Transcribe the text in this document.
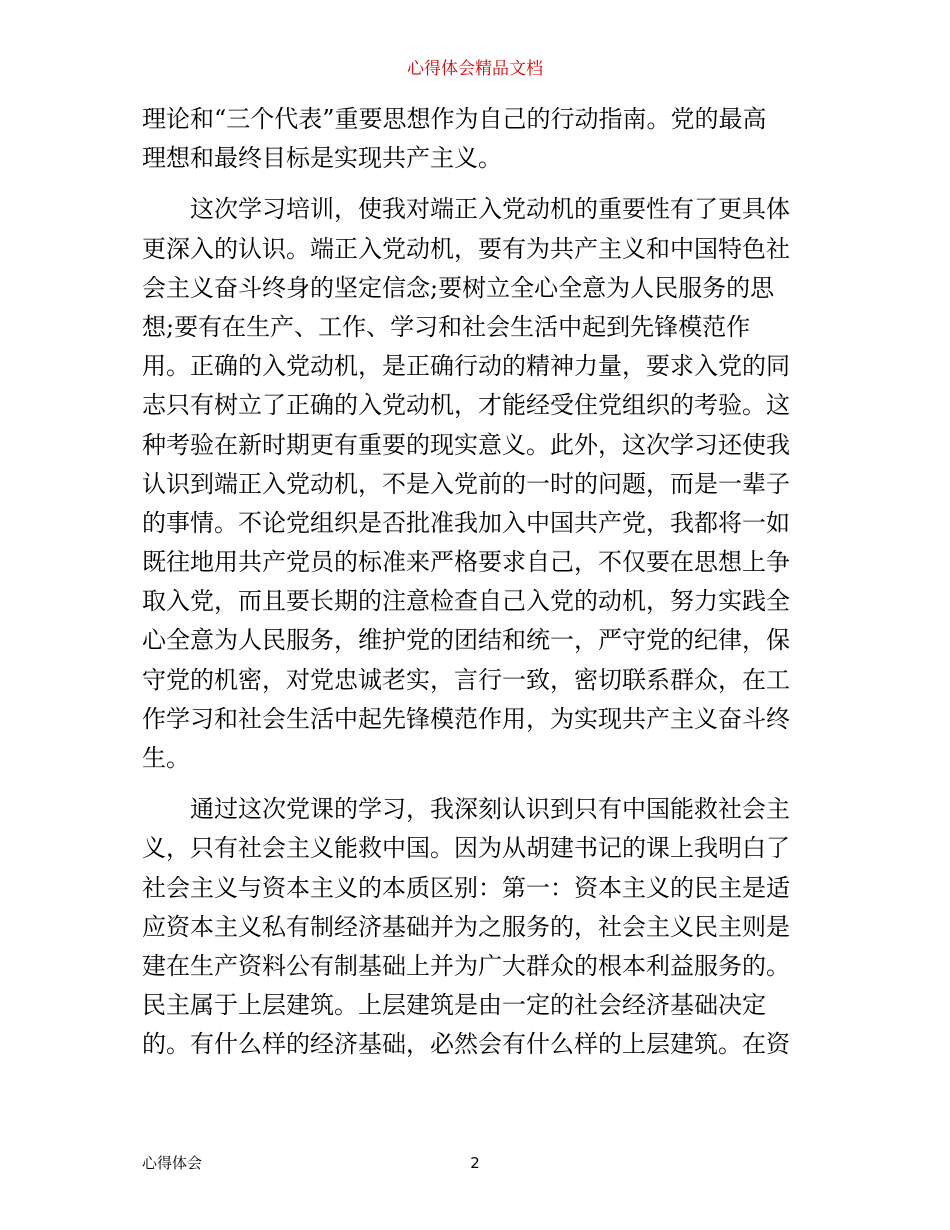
心得体会精品文档
理论和“三个代表”重要思想作为自己的行动指南。党的最高
理想和最终目标是实现共产主义。
这次学习培训，使我对端正入党动机的重要性有了更具体
更深入的认识。端正入党动机，要有为共产主义和中国特色社
会主义奋斗终身的坚定信念;要树立全心全意为人民服务的思
想;要有在生产、工作、学习和社会生活中起到先锋模范作
用。正确的入党动机，是正确行动的精神力量，要求入党的同
志只有树立了正确的入党动机，才能经受住党组织的考验。这
种考验在新时期更有重要的现实意义。此外，这次学习还使我
认识到端正入党动机，不是入党前的一时的问题，而是一辈子
的事情。不论党组织是否批准我加入中国共产党，我都将一如
既往地用共产党员的标准来严格要求自己，不仅要在思想上争
取入党，而且要长期的注意检查自己入党的动机，努力实践全
心全意为人民服务，维护党的团结和统一，严守党的纪律，保
守党的机密，对党忠诚老实，言行一致，密切联系群众，在工
作学习和社会生活中起先锋模范作用，为实现共产主义奋斗终
生。
通过这次党课的学习，我深刻认识到只有中国能救社会主
义，只有社会主义能救中国。因为从胡建书记的课上我明白了
社会主义与资本主义的本质区别：第一：资本主义的民主是适
应资本主义私有制经济基础并为之服务的，社会主义民主则是
建在生产资料公有制基础上并为广大群众的根本利益服务的。
民主属于上层建筑。上层建筑是由一定的社会经济基础决定
的。有什么样的经济基础，必然会有什么样的上层建筑。在资
心得体会	2
